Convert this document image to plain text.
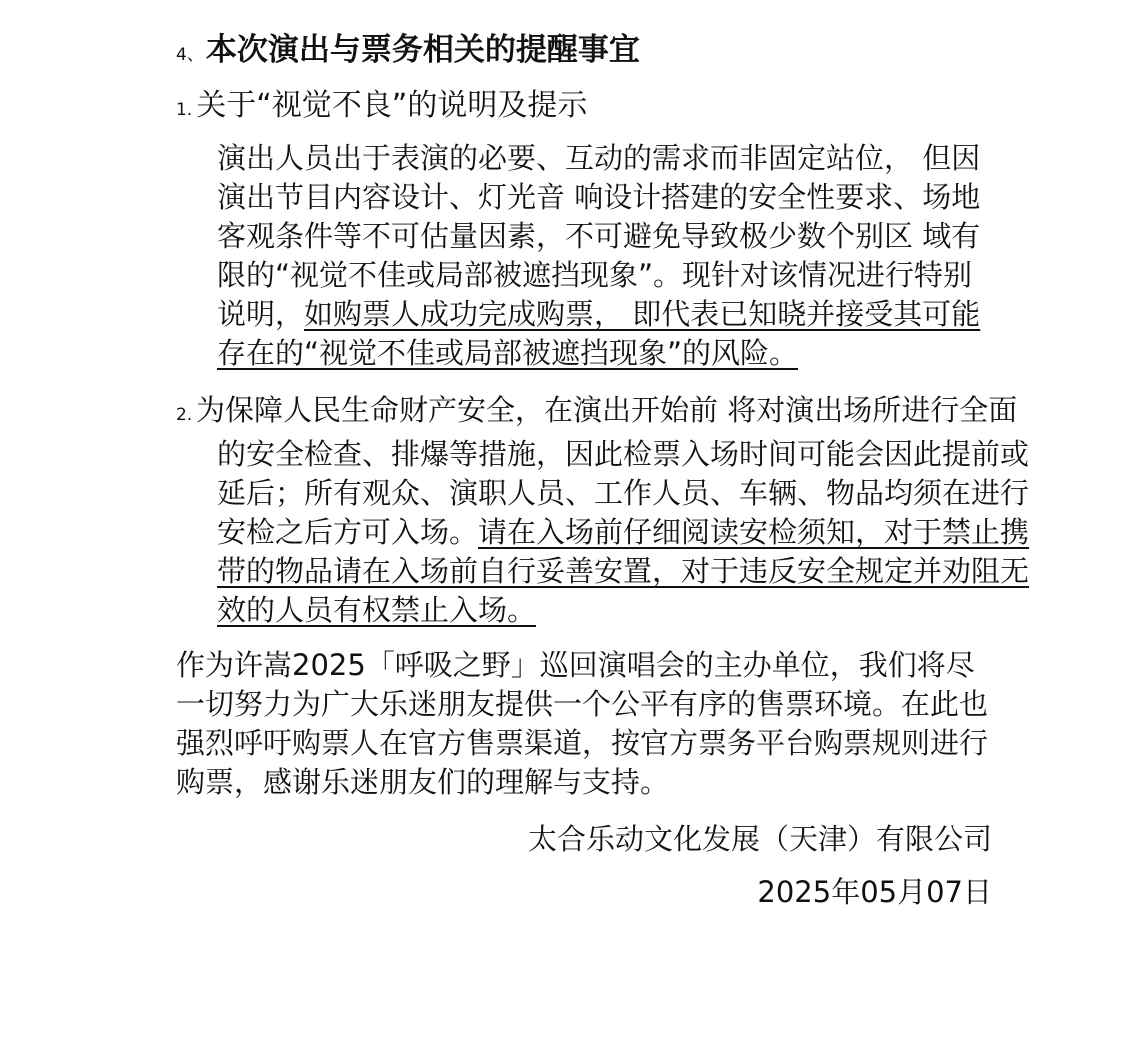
4、本次演出与票务相关的提醒事宜
1. 关于“视觉不良”的说明及提示

演出人员出于表演的必要、互动的需求而非固定站位， 但因演出节目内容设计、灯光音 响设计搭建的安全性要求、场地客观条件等不可估量因素，不可避免导致极少数个别区 域有限的“视觉不佳或局部被遮挡现象”。现针对该情况进行特别说明，如购票人成功完成购票， 即代表已知晓并接受其可能存在的“视觉不佳或局部被遮挡现象”的风险。

2. 为保障人民生命财产安全，在演出开始前 将对演出场所进行全面的安全检查、排爆等措施，因此检票入场时间可能会因此提前或延后；所有观众、演职人员、工作人员、车辆、物品均须在进行安检之后方可入场。请在入场前仔细阅读安检须知，对于禁止携带的物品请在入场前自行妥善安置，对于违反安全规定并劝阻无效的人员有权禁止入场。

作为许嵩2025「呼吸之野」巡回演唱会的主办单位，我们将尽一切努力为广大乐迷朋友提供一个公平有序的售票环境。在此也强烈呼吁购票人在官方售票渠道，按官方票务平台购票规则进行购票，感谢乐迷朋友们的理解与支持。

太合乐动文化发展（天津）有限公司
2025年05月07日
